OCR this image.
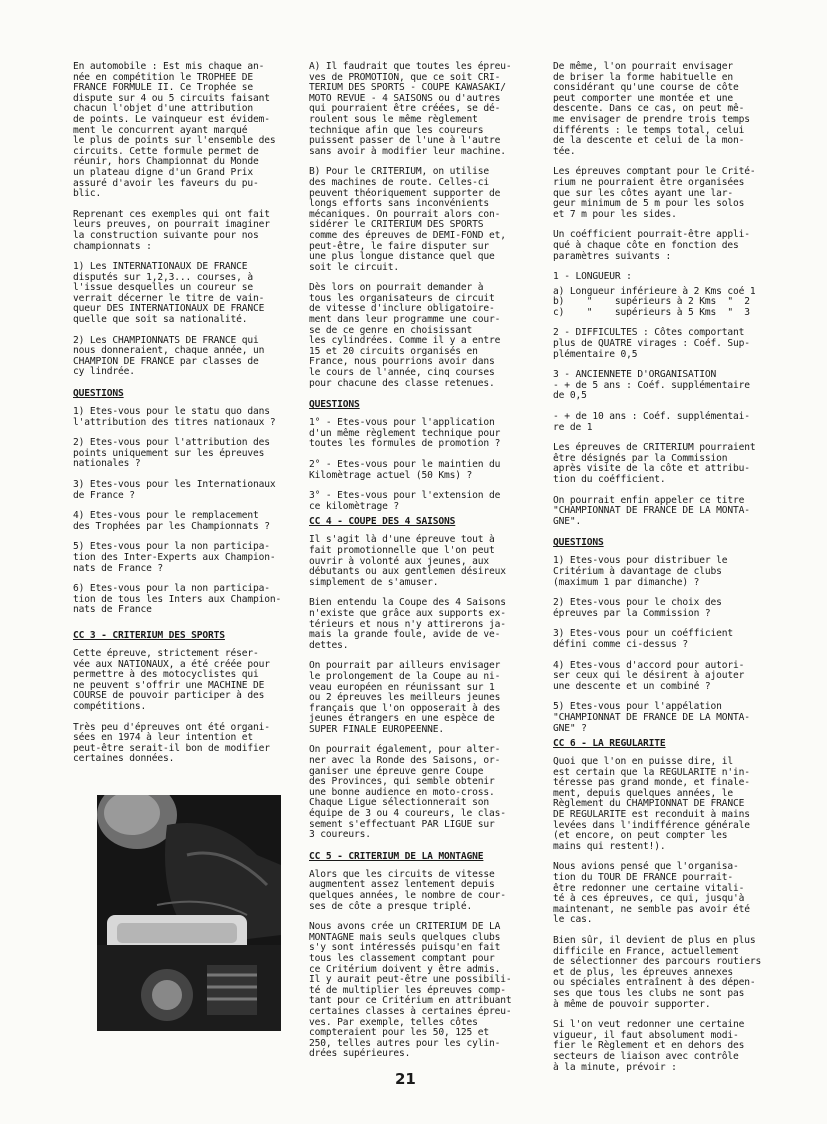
En automobile : Est mis chaque an-
née en compétition le TROPHEE DE
FRANCE FORMULE II. Ce Trophée se
dispute sur 4 ou 5 circuits faisant
chacun l'objet d'une attribution
de points. Le vainqueur est évidem-
ment le concurrent ayant marqué
le plus de points sur l'ensemble des
circuits. Cette formule permet de
réunir, hors Championnat du Monde
un plateau digne d'un Grand Prix
assuré d'avoir les faveurs du pu-
blic.
Reprenant ces exemples qui ont fait
leurs preuves, on pourrait imaginer
la construction suivante pour nos
championnats :
1) Les INTERNATIONAUX DE FRANCE
disputés sur 1,2,3... courses, à
l'issue desquelles un coureur se
verrait décerner le titre de vain-
queur DES INTERNATIONAUX DE FRANCE
quelle que soit sa nationalité.
2) Les CHAMPIONNATS DE FRANCE qui
nous donneraient, chaque année, un
CHAMPION DE FRANCE par classes de
cy lindrée.
QUESTIONS
1) Etes-vous pour le statu quo dans
l'attribution des titres nationaux ?
2) Etes-vous pour l'attribution des
points uniquement sur les épreuves
nationales ?
3) Etes-vous pour les Internationaux
de France ?
4) Etes-vous pour le remplacement
des Trophées par les Championnats ?
5) Etes-vous pour la non participa-
tion des Inter-Experts aux Champion-
nats de France ?
6) Etes-vous pour la non participa-
tion de tous les Inters aux Champion-
nats de France
CC 3 - CRITERIUM DES SPORTS
Cette épreuve, strictement réser-
vée aux NATIONAUX, a été créée pour
permettre à des motocyclistes qui
ne peuvent s'offrir une MACHINE DE
COURSE de pouvoir participer à des
compétitions.
Très peu d'épreuves ont été organi-
sées en 1974 à leur intention et
peut-être serait-il bon de modifier
certaines données.
A) Il faudrait que toutes les épreu-
ves de PROMOTION, que ce soit CRI-
TERIUM DES SPORTS - COUPE KAWASAKI/
MOTO REVUE - 4 SAISONS ou d'autres
qui pourraient être créées, se dé-
roulent sous le même règlement
technique afin que les coureurs
puissent passer de l'une à l'autre
sans avoir à modifier leur machine.
B) Pour le CRITERIUM, on utilise
des machines de route. Celles-ci
peuvent théoriquement supporter de
longs efforts sans inconvénients
mécaniques. On pourrait alors con-
sidérer le CRITERIUM DES SPORTS
comme des épreuves de DEMI-FOND et,
peut-être, le faire disputer sur
une plus longue distance quel que
soit le circuit.
Dès lors on pourrait demander à
tous les organisateurs de circuit
de vitesse d'inclure obligatoire-
ment dans leur programme une cour-
se de ce genre en choisissant
les cylindrées. Comme il y a entre
15 et 20 circuits organisés en
France, nous pourrions avoir dans
le cours de l'année, cinq courses
pour chacune des classe retenues.
QUESTIONS
1° - Etes-vous pour l'application
d'un même règlement technique pour
toutes les formules de promotion ?
2° - Etes-vous pour le maintien du
Kilomètrage actuel (50 Kms) ?
3° - Etes-vous pour l'extension de
ce kilomètrage ?
CC 4 - COUPE DES 4 SAISONS
Il s'agit là d'une épreuve tout à
fait promotionnelle que l'on peut
ouvrir à volonté aux jeunes, aux
débutants ou aux gentlemen désireux
simplement de s'amuser.
Bien entendu la Coupe des 4 Saisons
n'existe que grâce aux supports ex-
térieurs et nous n'y attirerons ja-
mais la grande foule, avide de ve-
dettes.
On pourrait par ailleurs envisager
le prolongement de la Coupe au ni-
veau européen en réunissant sur 1
ou 2 épreuves les meilleurs jeunes
français que l'on opposerait à des
jeunes étrangers en une espèce de
SUPER FINALE EUROPEENNE.
On pourrait également, pour alter-
ner avec la Ronde des Saisons, or-
ganiser une épreuve genre Coupe
des Provinces, qui semble obtenir
une bonne audience en moto-cross.
Chaque Ligue sélectionnerait son
équipe de 3 ou 4 coureurs, le clas-
sement s'effectuant PAR LIGUE sur
3 coureurs.
CC 5 - CRITERIUM DE LA MONTAGNE
Alors que les circuits de vitesse
augmentent assez lentement depuis
quelques années, le nombre de cour-
ses de côte a presque triplé.
Nous avons crée un CRITERIUM DE LA
MONTAGNE mais seuls quelques clubs
s'y sont intéressés puisqu'en fait
tous les classement comptant pour
ce Critérium doivent y être admis.
Il y aurait peut-être une possibili-
té de multiplier les épreuves comp-
tant pour ce Critérium en attribuant
certaines classes à certaines épreu-
ves. Par exemple, telles côtes
compteraient pour les 50, 125 et
250, telles autres pour les cylin-
drées supérieures.
De même, l'on pourrait envisager
de briser la forme habituelle en
considérant qu'une course de côte
peut comporter une montée et une
descente. Dans ce cas, on peut mê-
me envisager de prendre trois temps
différents : le temps total, celui
de la descente et celui de la mon-
tée.
Les épreuves comptant pour le Crité-
rium ne pourraient être organisées
que sur les côtes ayant une lar-
geur minimum de 5 m pour les solos
et 7 m pour les sides.
Un coéfficient pourrait-être appli-
qué à chaque côte en fonction des
paramètres suivants :
1 - LONGUEUR :
a) Longueur inférieure à 2 Kms coé 1
b)    "    supérieurs à 2 Kms  "  2
c)    "    supérieurs à 5 Kms  "  3
2 - DIFFICULTES : Côtes comportant
plus de QUATRE virages : Coéf. Sup-
plémentaire 0,5
3 - ANCIENNETE D'ORGANISATION
- + de 5 ans : Coéf. supplémentaire
de 0,5
- + de 10 ans : Coéf. supplémentai-
re de 1
Les épreuves de CRITERIUM pourraient
être désignés par la Commission
après visite de la côte et attribu-
tion du coéfficient.
On pourrait enfin appeler ce titre
"CHAMPIONNAT DE FRANCE DE LA MONTA-
GNE".
QUESTIONS
1) Etes-vous pour distribuer le
Critérium à davantage de clubs
(maximum 1 par dimanche) ?
2) Etes-vous pour le choix des
épreuves par la Commission ?
3) Etes-vous pour un coéfficient
défini comme ci-dessus ?
4) Etes-vous d'accord pour autori-
ser ceux qui le désirent à ajouter
une descente et un combiné ?
5) Etes-vous pour l'appélation
"CHAMPIONNAT DE FRANCE DE LA MONTA-
GNE" ?
CC 6 - LA REGULARITE
Quoi que l'on en puisse dire, il
est certain que la REGULARITE n'in-
téresse pas grand monde, et finale-
ment, depuis quelques années, le
Règlement du CHAMPIONNAT DE FRANCE
DE REGULARITE est reconduit à mains
levées dans l'indifférence générale
(et encore, on peut compter les
mains qui restent!).
Nous avions pensé que l'organisa-
tion du TOUR DE FRANCE pourrait-
être redonner une certaine vitali-
té à ces épreuves, ce qui, jusqu'à
maintenant, ne semble pas avoir été
le cas.
Bien sûr, il devient de plus en plus
difficile en France, actuellement
de sélectionner des parcours routiers
et de plus, les épreuves annexes
ou spéciales entraînent à des dépen-
ses que tous les clubs ne sont pas
à même de pouvoir supporter.
Si l'on veut redonner une certaine
vigueur, il faut absolument modi-
fier le Règlement et en dehors des
secteurs de liaison avec contrôle
à la minute, prévoir :
21
